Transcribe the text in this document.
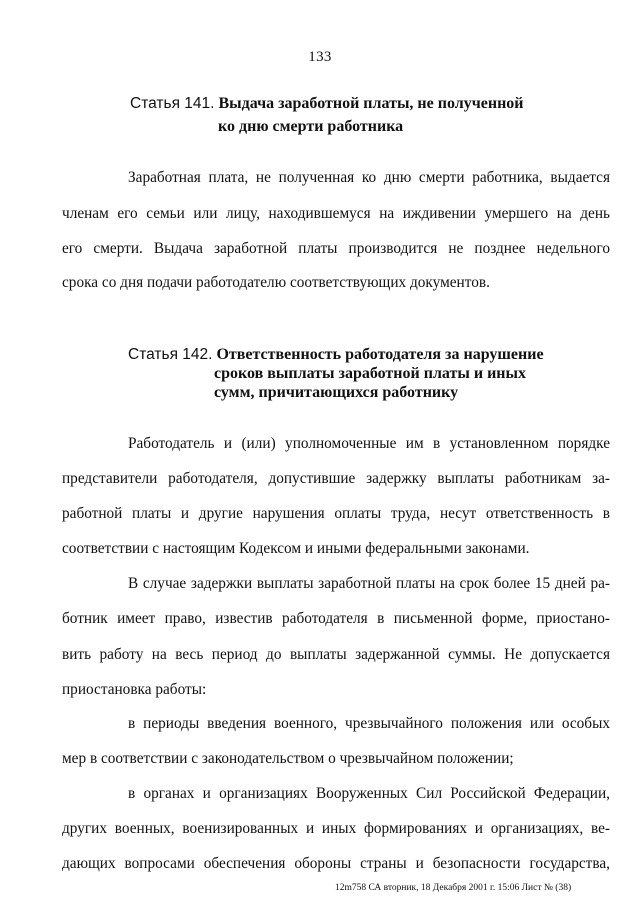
133
Статья 141. Выдача заработной платы, не полученной
ко дню смерти работника
Заработная плата, не полученная ко дню смерти работника, выдается
членам его семьи или лицу, находившемуся на иждивении умершего на день
его смерти. Выдача заработной платы производится не позднее недельного
срока со дня подачи работодателю соответствующих документов.
Статья 142. Ответственность работодателя за нарушение
сроков выплаты заработной платы и иных
сумм, причитающихся работнику
Работодатель и (или) уполномоченные им в установленном порядке
представители работодателя, допустившие задержку выплаты работникам за-
работной платы и другие нарушения оплаты труда, несут ответственность в
соответствии с настоящим Кодексом и иными федеральными законами.
В случае задержки выплаты заработной платы на срок более 15 дней ра-
ботник имеет право, известив работодателя в письменной форме, приостано-
вить работу на весь период до выплаты задержанной суммы. Не допускается
приостановка работы:
в периоды введения военного, чрезвычайного положения или особых
мер в соответствии с законодательством о чрезвычайном положении;
в органах и организациях Вооруженных Сил Российской Федерации,
других военных, военизированных и иных формированиях и организациях, ве-
дающих вопросами обеспечения обороны страны и безопасности государства,
12m758 СА вторник, 18 Декабря 2001 г. 15:06 Лист № (38)
